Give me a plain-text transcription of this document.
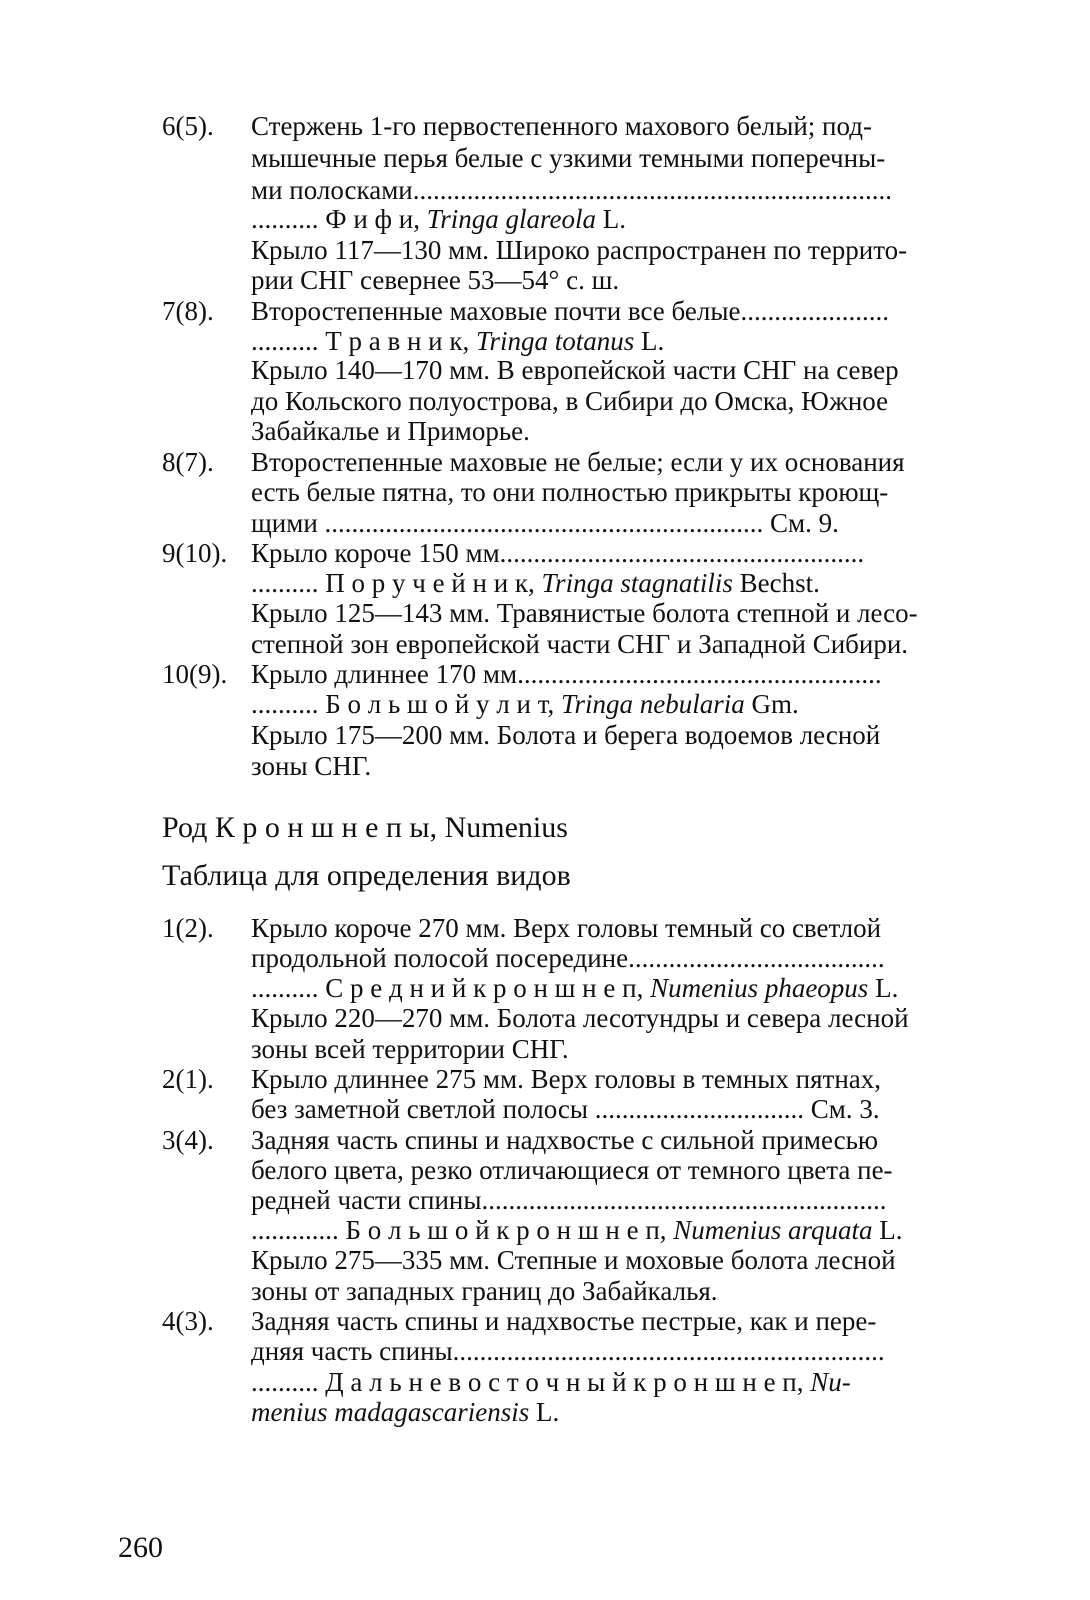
6(5). Стержень 1-го первостепенного махового белый; под-
мышечные перья белые с узкими темными поперечны-
ми полосками.......................................................................
.......... Ф и ф и, Tringa glareola L.
Крыло 117—130 мм. Широко распространен по террито-
рии СНГ севернее 53—54° с. ш.
7(8). Второстепенные маховые почти все белые......................
.......... Т р а в н и к, Tringa totanus L.
Крыло 140—170 мм. В европейской части СНГ на север
до Кольского полуострова, в Сибири до Омска, Южное
Забайкалье и Приморье.
8(7). Второстепенные маховые не белые; если у их основания
есть белые пятна, то они полностью прикрыты кроющ-
щими ................................................................. См. 9.
9(10). Крыло короче 150 мм......................................................
.......... П о р у ч е й н и к, Tringa stagnatilis Bechst.
Крыло 125—143 мм. Травянистые болота степной и лесо-
степной зон европейской части СНГ и Западной Сибири.
10(9). Крыло длиннее 170 мм......................................................
.......... Б о л ь ш о й у л и т, Tringa nebularia Gm.
Крыло 175—200 мм. Болота и берега водоемов лесной
зоны СНГ.
Род К р о н ш н е п ы, Numenius
Таблица для определения видов
1(2). Крыло короче 270 мм. Верх головы темный со светлой
продольной полосой посередине......................................
.......... С р е д н и й к р о н ш н е п, Numenius phaeopus L.
Крыло 220—270 мм. Болота лесотундры и севера лесной
зоны всей территории СНГ.
2(1). Крыло длиннее 275 мм. Верх головы в темных пятнах,
без заметной светлой полосы ............................... См. 3.
3(4). Задняя часть спины и надхвостье с сильной примесью
белого цвета, резко отличающиеся от темного цвета пе-
редней части спины............................................................
............. Б о л ь ш о й к р о н ш н е п, Numenius arquata L.
Крыло 275—335 мм. Степные и моховые болота лесной
зоны от западных границ до Забайкалья.
4(3). Задняя часть спины и надхвостье пестрые, как и пере-
дняя часть спины................................................................
.......... Д а л ь н е в о с т о ч н ы й к р о н ш н е п, Nu-
menius madagascariensis L.
260
